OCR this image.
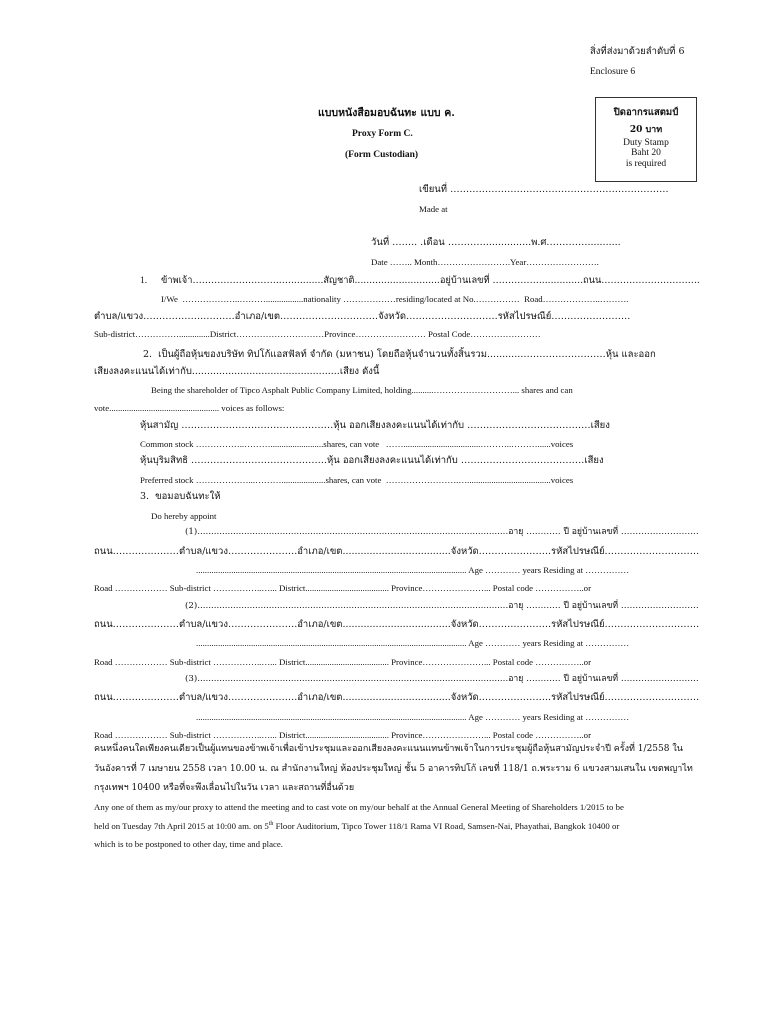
สิ่งที่ส่งมาด้วยลำดับที่ 6
Enclosure 6
แบบหนังสือมอบฉันทะ แบบ ค.
Proxy Form C.
(Form Custodian)
ปิดอากรแสตมป์
20 บาท
Duty Stamp
Baht 20
is required
เขียนที่ ……………………………………………………………
Made at
วันที่ …….. .เดือน …………...............พ.ศ.…………...........
Date …….. Month…………………….Year…………………….
1. ข้าพเจ้า………………………..…...........สัญชาติ.............................อยู่บ้านเลขที่ ……………...............ถนน…………………………..
I/We  ………………..……….................nationality ………………residing/located at No.……………  Road………………..……….
ตำบล/แขวง……………….……….อำเภอ/เขต………………………….จังหวัด………………………..รหัสไปรษณีย์…………………….
Sub-district……………..............District…………………………Province…………………… Postal Code……………………
2.  เป็นผู้ถือหุ้นของบริษัท ทิปโก้แอสฟัลท์ จำกัด (มหาชน) โดยถือหุ้นจำนวนทั้งสิ้นรวม...........………………………หุ้น และออก
เสียงลงคะแนนได้เท่ากับ.................................................เสียง ดังนี้
Being the shareholder of Tipco Asphalt Public Company Limited, holding..........………………………... shares and can
vote.................................................. voices as follows:
หุ้นสามัญ …………………………………………หุ้น ออกเสียงลงคะแนนได้เท่ากับ …………………………………เสียง
Common stock ……………..………........................shares, can vote   ……...................................………..………......voices
หุ้นบุริมสิทธิ …………………………………….หุ้น ออกเสียงลงคะแนนได้เท่ากับ …………………………………เสียง
Preferred stock ………………...………....................shares, can vote  …………………….…......................................voices
3.  ขอมอบฉันทะให้
Do hereby appoint
(1).................................................................................................................อายุ ………… ปี อยู่บ้านเลขที่ ………………………
ถนน…………………ตำบล/แขวง………………….อำเภอ/เขต....................................จังหวัด…………………..รหัสไปรษณีย์…………………………
........................................................................................................................... Age ………… years Residing at ……………
Road ……………… Sub-district ……………..…... District...................................... Province…………………... Postal code ……………..or
(2).................................................................................................................อายุ ………… ปี อยู่บ้านเลขที่ ………………………
ถนน…………………ตำบล/แขวง………………….อำเภอ/เขต....................................จังหวัด…………………..รหัสไปรษณีย์…………………………
........................................................................................................................... Age ………… years Residing at ……………
Road ……………… Sub-district ……………..…... District...................................... Province…………………... Postal code ……………..or
(3).................................................................................................................อายุ ………… ปี อยู่บ้านเลขที่ ………………………
ถนน…………………ตำบล/แขวง………………….อำเภอ/เขต....................................จังหวัด…………………..รหัสไปรษณีย์…………………………
........................................................................................................................... Age ………… years Residing at ……………
Road ……………… Sub-district ……………..…... District...................................... Province…………………... Postal code ……………..or
คนหนึ่งคนใดเพียงคนเดียวเป็นผู้แทนของข้าพเจ้าเพื่อเข้าประชุมและออกเสียงลงคะแนนแทนข้าพเจ้าในการประชุมผู้ถือหุ้นสามัญประจำปี ครั้งที่ 1/2558 ใน
วันอังคารที่ 7 เมษายน 2558 เวลา 10.00 น. ณ สำนักงานใหญ่ ห้องประชุมใหญ่ ชั้น 5 อาคารทิปโก้ เลขที่ 118/1 ถ.พระราม 6 แขวงสามเสนใน เขตพญาไท
กรุงเทพฯ 10400 หรือที่จะพึงเลื่อนไปในวัน เวลา และสถานที่อื่นด้วย
Any one of them as my/our proxy to attend the meeting and to cast vote on my/our behalf at the Annual General Meeting of Shareholders 1/2015 to be
held on Tuesday 7th April 2015 at 10:00 am. on 5th Floor Auditorium, Tipco Tower 118/1 Rama VI Road, Samsen-Nai, Phayathai, Bangkok 10400 or
which is to be postponed to other day, time and place.
